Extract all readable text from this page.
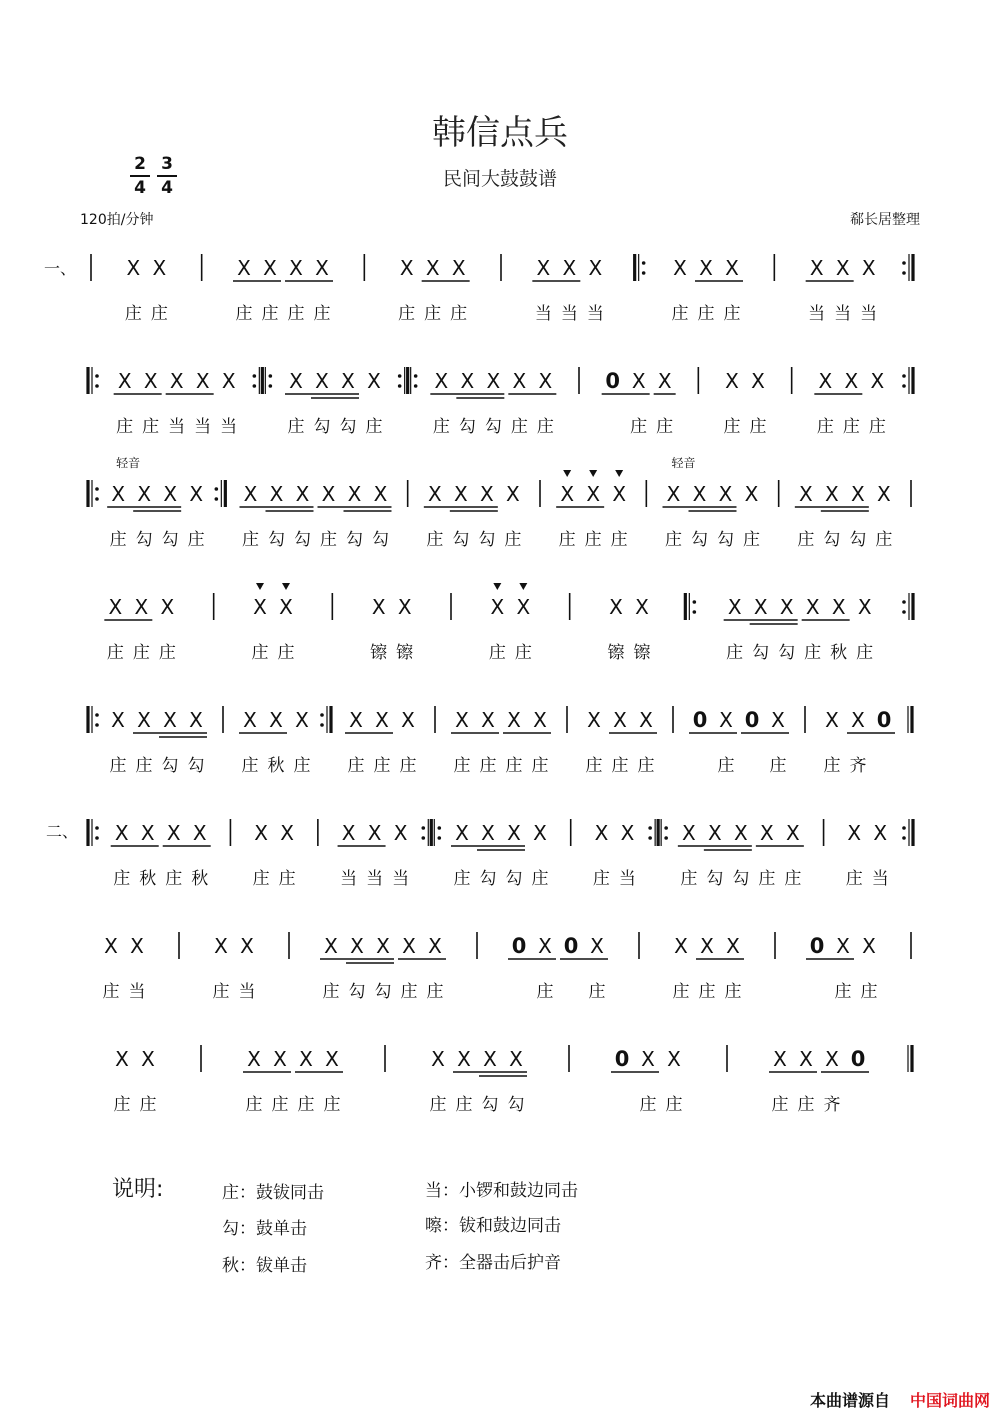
韩信点兵
民间大鼓鼓谱
2
4
3
4
120拍/分钟	郗长居整理
一、
二、
X
庄
X
庄
X
庄
X
庄
X
庄
X
庄
X
庄
X
庄
X
庄
X
当
X
当
X
当
X
庄
X
庄
X
庄
X
当
X
当
X
当
X
庄
X
庄
X
当
X
当
X
当
X
庄
X
勾
X
勾
X
庄
X
庄
X
勾
X
勾
X
庄
X
庄
0 X
庄
X
庄
X
庄
X
庄
X
庄
X
庄
X
庄
X
庄
轻音
X
勾
X
勾
X
庄
X
庄
X
勾
X
勾
X
庄
X
勾
X
勾
X
庄
X
勾
X
勾
X
庄
X
庄
X
庄
X
庄
X
庄
轻音
X
勾
X
勾
X
庄
X
庄
X
勾
X
勾
X
庄
X
庄
X
庄
X
庄
X
庄
X
庄
X
镲
X
镲
X
庄
X
庄
X
镲
X
镲
X
庄
X
勾
X
勾
X
庄
X
秋
X
庄
X
庄
X
庄
X
勾
X
勾
X
庄
X
秋
X
庄
X
庄
X
庄
X
庄
X
庄
X
庄
X
庄
X
庄
X
庄
X
庄
X
庄
0 X
庄
0 X
庄
X
庄
X
齐
0
X
庄
X
秋
X
庄
X
秋
X
庄
X
庄
X
当
X
当
X
当
X
庄
X
勾
X
勾
X
庄
X
庄
X
当
X
庄
X
勾
X
勾
X
庄
X
庄
X
庄
X
当
X
庄
X
当
X
庄
X
当
X
庄
X
勾
X
勾
X
庄
X
庄
0 X
庄
0 X
庄
X
庄
X
庄
X
庄
0 X
庄
X
庄
X
庄
X
庄
X
庄
X
庄
X
庄
X
庄
X
庄
X
庄
X
勾
X
勾
0 X
庄
X
庄
X
庄
X
庄
X
齐
0
说明:	庄：鼓钹同击	当：小锣和鼓边同击
勾：鼓单击	嚓：钹和鼓边同击
秋：钹单击	齐：全器击后护音
本曲谱源自 中国词曲网
